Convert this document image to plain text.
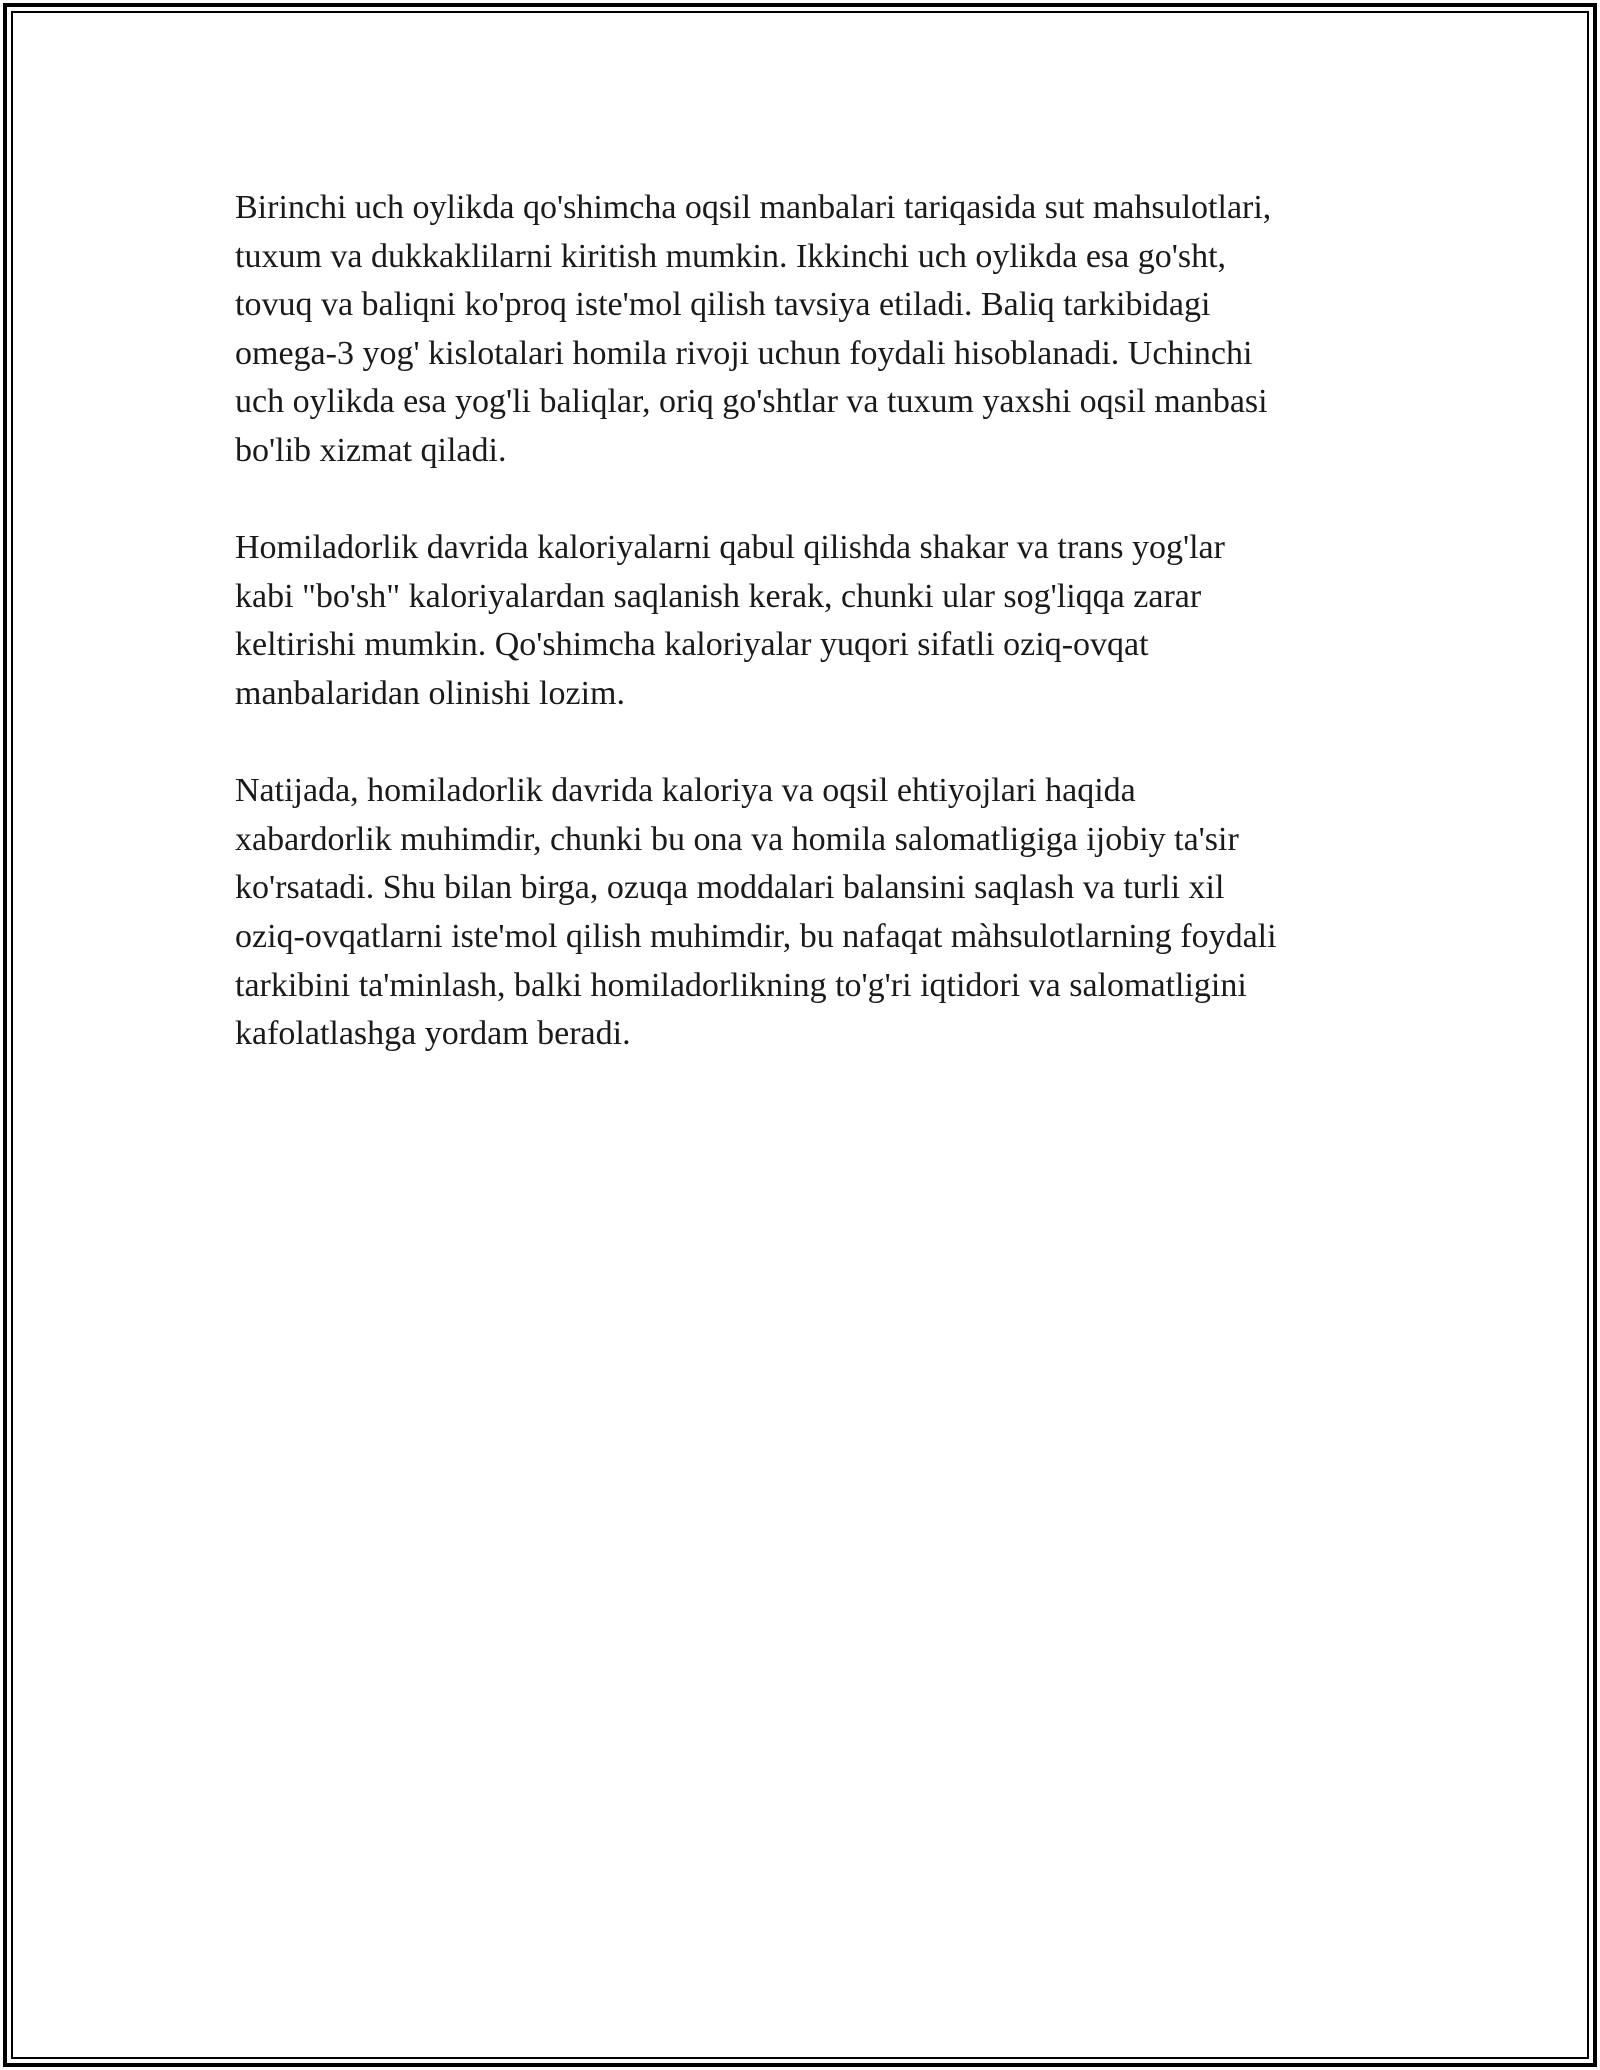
Birinchi uch oylikda qo'shimcha oqsil manbalari tariqasida sut mahsulotlari,
tuxum va dukkaklilarni kiritish mumkin. Ikkinchi uch oylikda esa go'sht,
tovuq va baliqni ko'proq iste'mol qilish tavsiya etiladi. Baliq tarkibidagi
omega-3 yog' kislotalari homila rivoji uchun foydali hisoblanadi. Uchinchi
uch oylikda esa yog'li baliqlar, oriq go'shtlar va tuxum yaxshi oqsil manbasi
bo'lib xizmat qiladi.

Homiladorlik davrida kaloriyalarni qabul qilishda shakar va trans yog'lar
kabi "bo'sh" kaloriyalardan saqlanish kerak, chunki ular sog'liqqa zarar
keltirishi mumkin. Qo'shimcha kaloriyalar yuqori sifatli oziq-ovqat
manbalaridan olinishi lozim.

Natijada, homiladorlik davrida kaloriya va oqsil ehtiyojlari haqida
xabardorlik muhimdir, chunki bu ona va homila salomatligiga ijobiy ta'sir
ko'rsatadi. Shu bilan birga, ozuqa moddalari balansini saqlash va turli xil
oziq-ovqatlarni iste'mol qilish muhimdir, bu nafaqat màhsulotlarning foydali
tarkibini ta'minlash, balki homiladorlikning to'g'ri iqtidori va salomatligini
kafolatlashga yordam beradi.
